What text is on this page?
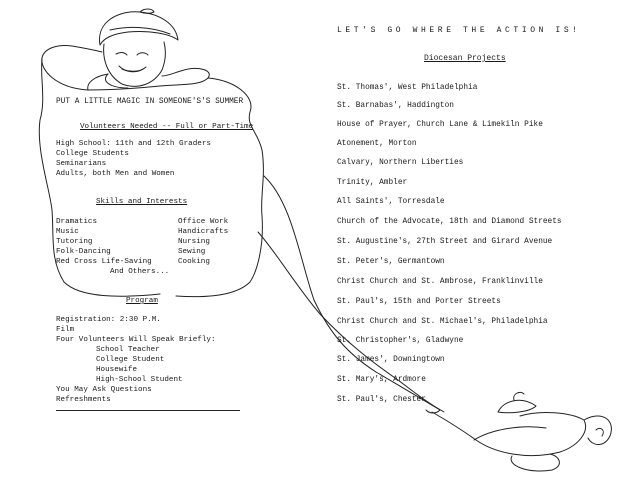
PUT A LITTLE MAGIC IN SOMEONE'S'S SUMMER
Volunteers Needed -- Full or Part-Time
High School: 11th and 12th Graders
College Students
Seminarians
Adults, both Men and Women
Skills and Interests
Dramatics
Music
Tutoring
Folk-Dancing
Red Cross Life-Saving
Office Work
Handicrafts
Nursing
Sewing
Cooking
And Others...
Program
Registration: 2:30 P.M.
Film
Four Volunteers Will Speak Briefly:
School Teacher
College Student
Housewife
High-School Student
You May Ask Questions
Refreshments
LET'S GO WHERE THE ACTION IS!
Diocesan Projects
St. Thomas', West Philadelphia
St. Barnabas', Haddington
House of Prayer, Church Lane & Limekiln Pike
Atonement, Morton
Calvary, Northern Liberties
Trinity, Ambler
All Saints', Torresdale
Church of the Advocate, 18th and Diamond Streets
St. Augustine's, 27th Street and Girard Avenue
St. Peter's, Germantown
Christ Church and St. Ambrose, Franklinville
St. Paul's, 15th and Porter Streets
Christ Church and St. Michael's, Philadelphia
St. Christopher's, Gladwyne
St. James', Downingtown
St. Mary's, Ardmore
St. Paul's, Chester
